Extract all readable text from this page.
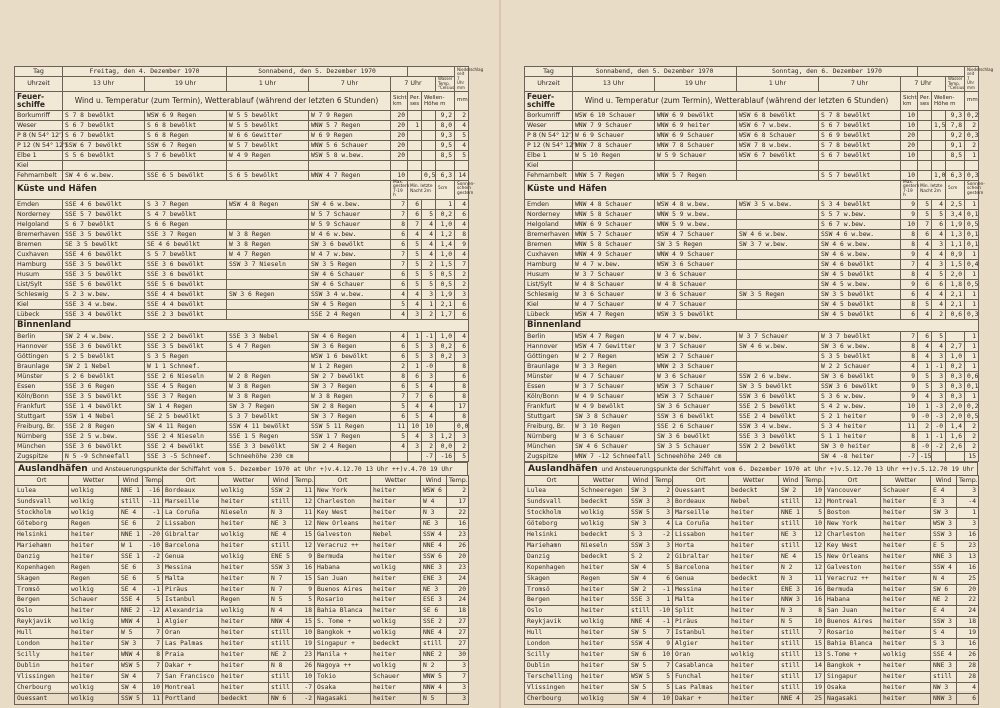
Tag	Freitag, den 4. Dezember 1970		Sonnabend, den 5. Dezember 1970						Niederschlag seit 7 Uhr mm
Uhrzeit	13 Uhr	19 Uhr	1 Uhr	7 Uhr	7 Uhr			Wasser Temp. °Celsius	
Feuer-schiffe	Wind u. Temperatur (zum Termin), Wetterablauf (während der letzten 6 Stunden)				Sicht km	Per. ses	Wellen-Höhe m		mm
Borkumriff	S 7 8 bewölkt	WSW 6 9 Regen	W 5 5 bewölkt	W 7 9 Regen	20			9,2	2
Weser	S 6 7 bewölkt	S 6 8 bewölkt	W 5 5 bewölkt	WNW 5 7 Regen	20	1		8,0	4
P 8 (N 54° 12')	S 6 7 bewölkt	S 6 8 Regen	W 6 6 Gewitter	W 6 9 Regen	20			9,3	5
P 12 (N 54° 12')	SSW 6 7 bewölkt	SSW 6 7 Regen	W 5 7 bewölkt	WNW 5 6 Schauer	20			9,5	4
Elbe 1	S 5 6 bewölkt	S 7 6 bewölkt	W 4 9 Regen	WSW 5 8 w.bew.	20			8,5	5
Kiel									
Fehmarnbelt	SW 4 6 w.bew.	SSE 6 5 bewölkt	S 6 5 bewölkt	WNW 4 7 Regen	10		0,5	6,3	14
Küste und Häfen					Max. gestern 7-19 h	Min. letzte Nacht 2m		5cm	Sonnen-schein gestern
Emden	SSE 4 6 bewölkt	S 3 7 Regen	WSW 4 8 Regen	SW 4 6 w.bew.	7	6		1	4
Norderney	SSE 5 7 bewölkt	S 4 7 bewölkt		W 5 7 Schauer	7	6	5	0,2	6
Helgoland	S 6 7 bewölkt	S 6 6 Regen		W 5 9 Schauer	8	7	4	1,0	4
Bremerhaven	SSE 3 5 bewölkt	SSE 3 7 Regen	W 3 8 Regen	W 4 6 w.bew.	6	4	4	1,2	8
Bremen	SE 3 5 bewölkt	SE 4 6 bewölkt	W 3 8 Regen	SW 3 6 bewölkt	6	5	4	1,4	9
Cuxhaven	SSE 4 6 bewölkt	S 5 7 bewölkt	W 4 7 Regen	W 4 7 w.bew.	7	5	4	1,0	4
Hamburg	SSE 3 5 bewölkt	SSE 3 6 bewölkt	SSW 3 7 Nieseln	SW 3 5 Regen	7	5	2	1,5	7
Husum	SSE 3 5 bewölkt	SSE 3 6 bewölkt		SW 4 6 Schauer	6	5	5	0,5	2
List/Sylt	SSE 5 6 bewölkt	SSE 5 6 bewölkt		SW 4 6 Schauer	6	5	5	0,5	2
Schleswig	S 2 3 w.bew.	SSE 4 4 bewölkt	SW 3 6 Regen	SSW 3 4 w.bew.	4	4	3	1,9	3
Kiel	SSE 3 4 w.bew.	SSE 4 4 bewölkt		SW 4 5 Regen	5	4	1	2,1	6
Lübeck	SSE 3 4 bewölkt	SSE 2 3 bewölkt		SSE 2 4 Regen	4	3	2	1,7	6
Binnenland									
Berlin	SW 2 4 w.bew.	SSE 2 2 bewölkt	SSE 3 3 Nebel	SW 4 6 Regen	4	1	-1	1,0	4
Hannover	SSE 3 6 bewölkt	SSE 3 5 bewölkt	S 4 7 Regen	SW 3 6 Regen	6	5	3	0,2	6
Göttingen	S 2 5 bewölkt	S 3 5 Regen		WSW 1 6 bewölkt	6	5	3	0,2	3
Braunlage	SW 2 1 Nebel	W 1 1 Schneef.		W 1 2 Regen	2	1	-0		8
Münster	S 2 6 bewölkt	SSE 2 6 Nieseln	W 2 8 Regen	SW 2 7 bewölkt	8	6	3		6
Essen	SSE 3 6 Regen	SSE 4 5 Regen	W 3 8 Regen	SW 3 7 Regen	6	5	4		8
Köln/Bonn	SSE 3 5 bewölkt	SSE 3 7 Regen	W 3 8 Regen	W 3 8 Regen	7	7	6		8
Frankfurt	SSE 1 4 bewölkt	SW 1 4 Regen	SW 3 7 Regen	SW 2 8 Regen	5	4	4		17
Stuttgart	SSW 1 4 Nebel	SE 2 5 bewölkt	S 3 7 bewölkt	SW 3 7 Regen	6	5	4		8
Freiburg, Br.	SSE 2 8 Regen	SW 4 11 Regen	SSW 4 11 bewölkt	SSW 5 11 Regen	11	10	10		0,0
Nürnberg	SSE 2 5 w.bew.	SSE 2 4 Nieseln	SSE 1 5 Regen	SSW 1 7 Regen	5	4	3	1,2	3
München	SSE 3 6 bewölkt	SSE 2 4 bewölkt	SSE 3 3 bewölkt	SW 2 4 Regen	4	3	2	0,0	2
Zugspitze	N 5 -9 Schneefall	SSE 3 -5 Schneef.	Schneehöhe 230 cm				-7	-16	5
Auslandhäfen und Ansteuerungspunkte der Schiffahrt vom 5. Dezember 1970 at Uhr +)v.4.12.70 13 Uhr ++)v.4.70 19 Uhr
Ort	Wetter	Wind	Temp.	Ort	Wetter	Wind	Temp.	Ort	Wetter	Wind	Temp.
Lulea	wolkig	NNE 1	-16	Bordeaux	wolkig	SSW 2	11	New York	heiter	WSW 6	2
Sundsvall	wolkig	still	-11	Marseille	heiter	still	12	Charleston	heiter	W 4	17
Stockholm	wolkig	NE 4	-1	La Coruña	Nieseln	N 3	11	Key West	heiter	N 3	22
Göteborg	Regen	SE 6	2	Lissabon	heiter	NE 3	12	New Orleans	heiter	NE 3	16
Helsinki	heiter	NNE 1	-20	Gibraltar	wolkig	NE 4	15	Galveston	Nebel	SSW 4	23
Mariehamn	heiter	W 1	-10	Barcelona	heiter	still	12	Veracruz ++	heiter	NNE 4	26
Danzig	heiter	SSE 1	-2	Genua	wolkig	ENE 5	9	Bermuda	heiter	SSW 6	20
Kopenhagen	Regen	SE 6	3	Messina	heiter	SSW 3	16	Habana	wolkig	NNE 3	23
Skagen	Regen	SE 6	5	Malta	heiter	N 7	15	San Juan	heiter	ENE 3	24
Tromsö	wolkig	SE 4	-1	Piräus	heiter	N 7	9	Buenos Aires	heiter	NE 3	20
Bergen	Schauer	SSE 4	5	Istanbul	Regen	N 5	5	Rosario	heiter	ESE 3	24
Oslo	heiter	NNE 2	-12	Alexandria	wolkig	N 4	18	Bahia Blanca	heiter	SE 6	18
Reykjavik	wolkig	WNW 4	1	Algier	heiter	NNW 4	15	S. Tome +	wolkig	SSE 2	27
Hull	heiter	W 5	7	Oran	heiter	still	10	Bangkok +	wolkig	NNE 4	27
London	heiter	SW 3	7	Las Palmas	heiter	still	19	Singapur +	bedeckt	still	27
Scilly	heiter	WNW 4	8	Praia	heiter	NE 2	23	Manila +	heiter	NNE 2	30
Dublin	heiter	WSW 5	7	Dakar +	heiter	N 8	26	Nagoya ++	wolkig	N 2	3
Vlissingen	heiter	SW 4	7	San Francisco	heiter	still	10	Tokio	Schauer	WNW 5	7
Cherbourg	wolkig	SW 4	10	Montreal	heiter	still	-7	Osaka	heiter	NNW 4	3
Ouessant	wolkig	SSW 5	11	Portland	bedeckt	NW 6	-2	Nagasaki	heiter	N 5	3
Tag	Sonnabend, den 5. Dezember 1970		Sonntag, den 6. Dezember 1970						Niederschlag seit 7 Uhr mm
Uhrzeit	13 Uhr	19 Uhr	1 Uhr	7 Uhr	7 Uhr			Wasser Temp. °Celsius	
Feuer-schiffe	Wind u. Temperatur (zum Termin), Wetterablauf (während der letzten 6 Stunden)				Sicht km	Per. ses	Wellen-Höhe m		mm
Borkumriff	WSW 6 10 Schauer	WNW 6 9 bewölkt	WSW 6 8 bewölkt	S 7 8 bewölkt	10			9,3	0,2
Weser	WNW 7 9 Schauer	WNW 6 9 heiter	WSW 6 7 w.bew.	S 6 7 bewölkt	10		1,5	7,8	2
P 8 (N 54° 12')	W 6 9 Schauer	WNW 6 9 Schauer	WSW 6 8 Schauer	S 6 9 bewölkt	20			9,2	0,3
P 12 (N 54° 12')	WNW 7 8 Schauer	WNW 7 8 Schauer	WSW 7 8 w.bew.	S 7 8 bewölkt	20			9,1	2
Elbe 1	W 5 10 Regen	W 5 9 Schauer	WSW 6 7 bewölkt	S 6 7 bewölkt	10			8,5	1
Kiel									
Fehmarnbelt	WNW 5 7 Regen	WNW 5 7 Regen		S 5 7 bewölkt	10		1,0	6,3	0,3
Küste und Häfen					Max. gestern 7-19 h	Min. letzte Nacht 2m		5cm	Sonnen-schein gestern
Emden	WNW 4 8 Schauer	WSW 4 8 w.bew.	WSW 3 5 w.bew.	S 3 4 bewölkt	9	5	4	2,5	1
Norderney	WNW 5 8 Schauer	WNW 5 9 w.bew.		S 5 7 w.bew.	9	5	5	3,4	0,1
Helgoland	WNW 6 9 Schauer	WNW 5 9 w.bew.		S 6 7 w.bew.	10	7	6	1,9	0,5
Bremerhaven	WNW 5 7 Schauer	WSW 4 7 Schauer	SW 4 6 w.bew.	SSW 4 6 w.bew.	8	6	4	1,3	0,1
Bremen	WNW 5 8 Schauer	SW 3 5 Regen	SW 3 7 w.bew.	SW 4 6 w.bew.	8	4	3	1,1	0,1
Cuxhaven	WNW 4 9 Schauer	WNW 4 9 Schauer		SW 4 6 w.bew.	9	4	4	0,9	1
Hamburg	W 4 7 w.bew.	WSW 3 6 Schauer		SW 4 6 bewölkt	7	4	3	1,5	0,4
Husum	W 3 7 Schauer	W 3 6 Schauer		SW 4 5 bewölkt	8	4	5	2,0	1
List/Sylt	W 4 8 Schauer	W 4 8 Schauer		SW 4 5 w.bew.	9	6	6	1,8	0,5
Schleswig	W 3 6 Schauer	W 3 6 Schauer	SW 3 5 Regen	SW 3 5 bewölkt	6	4	4	2,1	1
Kiel	W 4 7 Schauer	W 4 7 Schauer		SW 4 5 bewölkt	8	5	4	2,1	1
Lübeck	WSW 4 7 Regen	WSW 3 5 bewölkt		SW 4 5 bewölkt	6	4	2	0,6	0,3
Binnenland									
Berlin	WSW 4 7 Regen	W 4 7 w.bew.	W 3 7 Schauer	W 3 7 bewölkt	7	6	5		1
Hannover	WSW 4 7 Gewitter	W 3 7 Schauer	SW 4 6 w.bew.	SW 3 6 w.bew.	8	4	4	2,7	1
Göttingen	W 2 7 Regen	WSW 2 7 Schauer		S 3 5 bewölkt	8	4	3	1,0	1
Braunlage	W 3 3 Regen	WNW 2 3 Schauer		W 2 2 Schauer	4	1	-1	0,2	1
Münster	W 4 7 Schauer	W 3 6 Schauer	SSW 2 6 w.bew.	SW 3 6 bewölkt	9	5	3	0,3	0,6
Essen	W 3 7 Schauer	WSW 3 7 Schauer	SW 3 5 bewölkt	SSW 3 6 bewölkt	9	5	3	0,3	0,1
Köln/Bonn	W 4 9 Schauer	WSW 3 7 Schauer	SSW 3 6 bewölkt	S 3 6 w.bew.	9	4	3	0,3	1
Frankfurt	W 4 9 bewölkt	SW 3 6 Schauer	SSE 2 5 bewölkt	S 4 2 w.bew.	10	1	-3	2,0	0,2
Stuttgart	SW 3 8 Schauer	SSW 3 6 bewölkt	SSE 2 4 bewölkt	S 2 1 heiter	9	-0	-3	2,0	0,5
Freiburg, Br.	W 3 10 Regen	SSE 2 6 Schauer	SSW 3 4 w.bew.	S 3 4 heiter	11	2	-0	1,4	2
Nürnberg	W 3 6 Schauer	SW 3 6 bewölkt	SSE 3 3 bewölkt	S 1 1 heiter	8	1	-1	1,6	2
München	SW 4 6 Schauer	SW 3 5 Schauer	SSW 2 2 bewölkt	SW 3 0 heiter	8	-0	-2	2,6	2
Zugspitze	WNW 7 -12 Schneefall	Schneehöhe 240 cm		SW 4 -8 heiter	-7	-15			15
Auslandhäfen und Ansteuerungspunkte der Schiffahrt vom 6. Dezember 1970 at Uhr +)v.5.12.70 13 Uhr ++)v.5.12.70 19 Uhr
Ort	Wetter	Wind	Temp.	Ort	Wetter	Wind	Temp.	Ort	Wetter	Wind	Temp.
Lulea	Schneeregen	SW 3	2	Ouessant	bedeckt	SW 2	10	Vancouver	Schauer	E 4	3
Sundsvall	bedeckt	SSW 3	3	Bordeaux	Nebel	still	12	Montreal	heiter	E 3	-4
Stockholm	wolkig	SSW 5	3	Marseille	heiter	NNE 1	5	Boston	heiter	SW 3	1
Göteborg	wolkig	SW 3	4	La Coruña	heiter	still	10	New York	heiter	WSW 3	3
Helsinki	bedeckt	S 3	-2	Lissabon	heiter	NE 3	12	Charleston	heiter	SSW 3	16
Mariehamn	Nieseln	SSW 3	3	Horta	heiter	still	12	Key West	heiter	E 5	23
Danzig	bedeckt	S 2	2	Gibraltar	heiter	NE 4	15	New Orleans	heiter	NNE 3	13
Kopenhagen	heiter	SW 4	5	Barcelona	heiter	N 2	12	Galveston	heiter	SSW 4	16
Skagen	Regen	SW 4	6	Genua	bedeckt	N 3	11	Veracruz ++	heiter	N 4	25
Tromsö	heiter	SW 2	-1	Messina	heiter	ENE 3	16	Bermuda	heiter	SW 6	20
Bergen	heiter	SSE 3	1	Malta	heiter	NNW 3	16	Habana	heiter	NE 2	22
Oslo	heiter	still	-10	Split	heiter	N 3	8	San Juan	heiter	E 4	24
Reykjavik	wolkig	NNE 4	-1	Piräus	heiter	N 5	10	Buenos Aires	heiter	SSW 3	18
Hull	heiter	SW 5	7	Istanbul	heiter	still	7	Rosario	heiter	S 4	19
London	heiter	SSW 4	9	Algier	heiter	still	15	Bahia Blanca	heiter	S 3	16
Scilly	heiter	SW 6	10	Oran	wolkig	still	13	S.Tome +	wolkig	SSE 4	26
Dublin	heiter	SW 5	7	Casablanca	heiter	still	14	Bangkok +	heiter	NNE 3	28
Terschelling	heiter	WSW 5	5	Funchal	heiter	still	17	Singapur	heiter	still	28
Vlissingen	heiter	SW 5	5	Las Palmas	heiter	still	19	Osaka	heiter	NW 3	4
Cherbourg	wolkig	SW 4	10	Dakar +	heiter	NNE 4	25	Nagasaki	heiter	NNW 3	6
